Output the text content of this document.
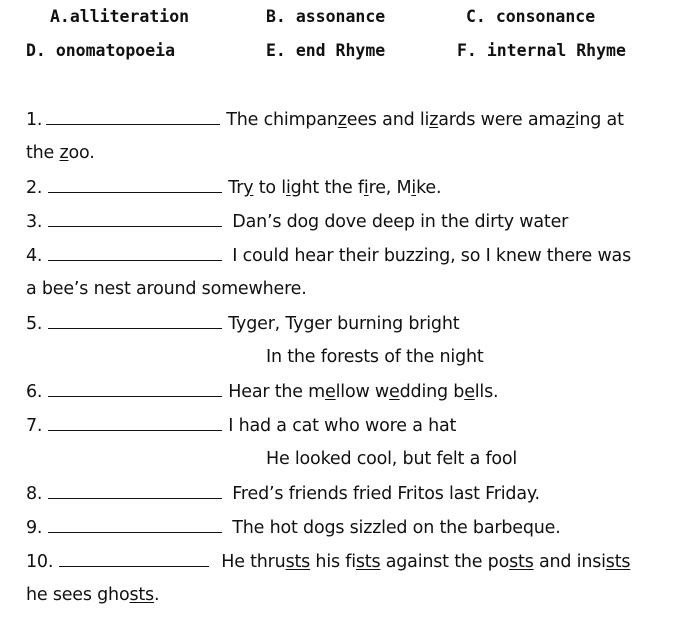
A.alliteration	B. assonance	C. consonance
D. onomatopoeia	E. end Rhyme	F. internal Rhyme
1.	The chimpanzees and lizards were amazing at
the zoo.
2.	Try to light the fire, Mike.
3.	Dan’s dog dove deep in the dirty water
4.	I could hear their buzzing, so I knew there was
a bee’s nest around somewhere.
5.	Tyger, Tyger burning bright
In the forests of the night
6.	Hear the mellow wedding bells.
7.	I had a cat who wore a hat
He looked cool, but felt a fool
8.	Fred’s friends fried Fritos last Friday.
9.	The hot dogs sizzled on the barbeque.
10.	He thrusts his fists against the posts and insists
he sees ghosts.
